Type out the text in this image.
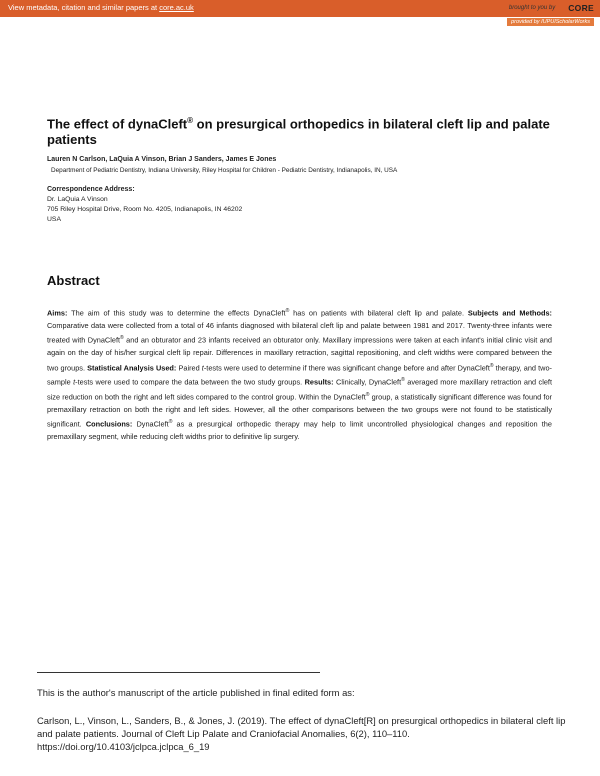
View metadata, citation and similar papers at core.ac.uk	brought to you by CORE
provided by IUPUIScholarWorks
The effect of dynaCleft® on presurgical orthopedics in bilateral cleft lip and palate patients
Lauren N Carlson, LaQuia A Vinson, Brian J Sanders, James E Jones
Department of Pediatric Dentistry, Indiana University, Riley Hospital for Children - Pediatric Dentistry, Indianapolis, IN, USA
Correspondence Address:
Dr. LaQuia A Vinson
705 Riley Hospital Drive, Room No. 4205, Indianapolis, IN 46202
USA
Abstract
Aims: The aim of this study was to determine the effects DynaCleft® has on patients with bilateral cleft lip and palate. Subjects and Methods: Comparative data were collected from a total of 46 infants diagnosed with bilateral cleft lip and palate between 1981 and 2017. Twenty-three infants were treated with DynaCleft® and an obturator and 23 infants received an obturator only. Maxillary impressions were taken at each infant's initial clinic visit and again on the day of his/her surgical cleft lip repair. Differences in maxillary retraction, sagittal repositioning, and cleft widths were compared between the two groups. Statistical Analysis Used: Paired t-tests were used to determine if there was significant change before and after DynaCleft® therapy, and two-sample t-tests were used to compare the data between the two study groups. Results: Clinically, DynaCleft® averaged more maxillary retraction and cleft size reduction on both the right and left sides compared to the control group. Within the DynaCleft® group, a statistically significant difference was found for premaxillary retraction on both the right and left sides. However, all the other comparisons between the two groups were not found to be statistically significant. Conclusions: DynaCleft® as a presurgical orthopedic therapy may help to limit uncontrolled physiological changes and reposition the premaxillary segment, while reducing cleft widths prior to definitive lip surgery.
This is the author's manuscript of the article published in final edited form as:
Carlson, L., Vinson, L., Sanders, B., & Jones, J. (2019). The effect of dynaCleft[R] on presurgical orthopedics in bilateral cleft lip and palate patients. Journal of Cleft Lip Palate and Craniofacial Anomalies, 6(2), 110–110. https://doi.org/10.4103/jclpca.jclpca_6_19
